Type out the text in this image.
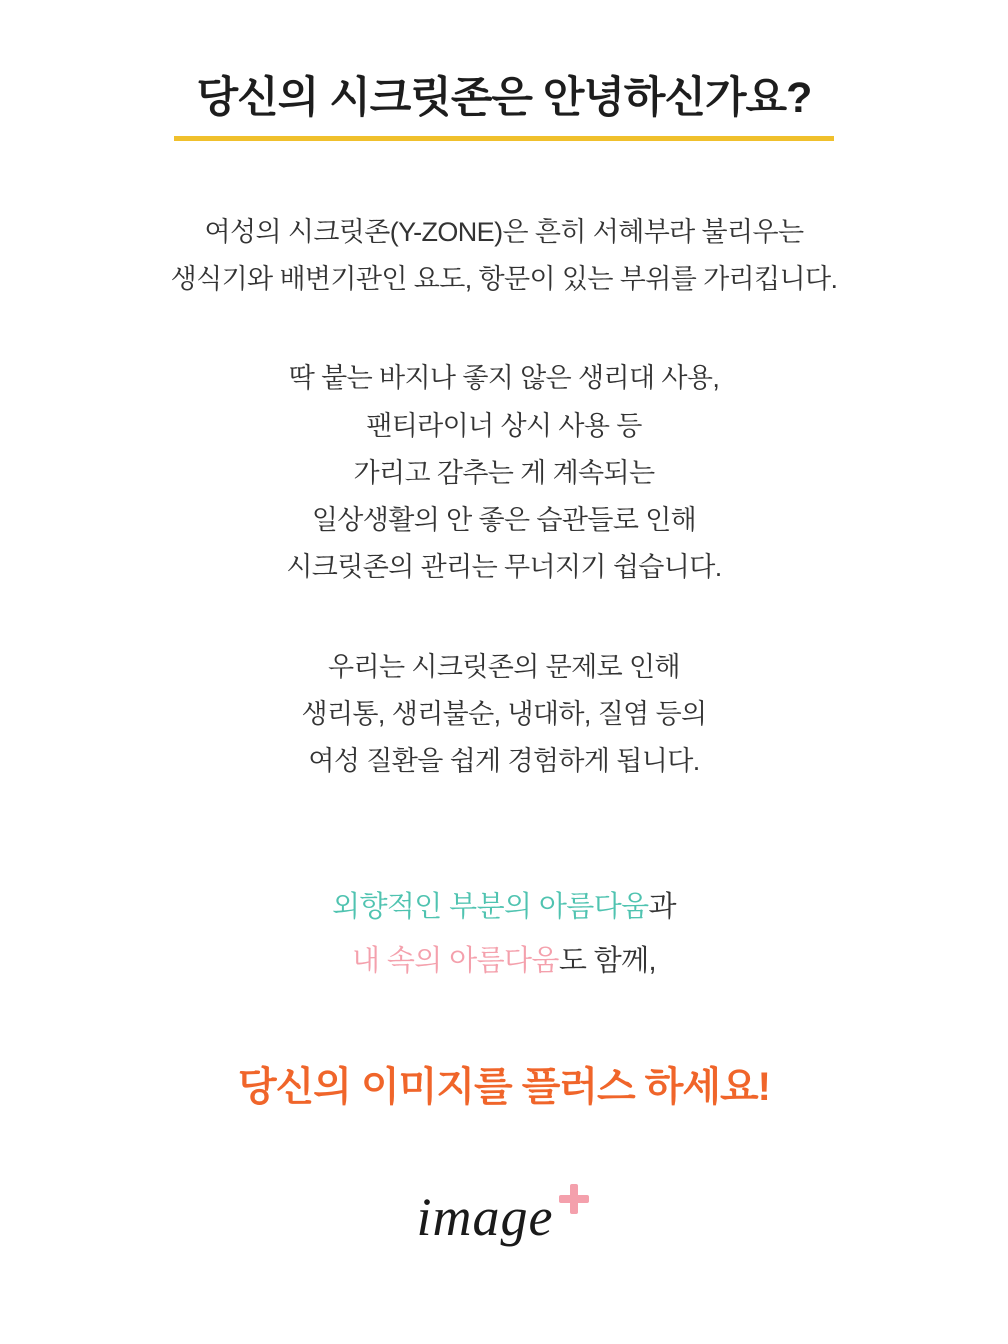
당신의 시크릿존은 안녕하신가요?
여성의 시크릿존(Y-ZONE)은 흔히 서혜부라 불리우는
생식기와 배변기관인 요도, 항문이 있는 부위를 가리킵니다.
딱 붙는 바지나 좋지 않은 생리대 사용,
팬티라이너 상시 사용 등
가리고 감추는 게 계속되는
일상생활의 안 좋은 습관들로 인해
시크릿존의 관리는 무너지기 쉽습니다.
우리는 시크릿존의 문제로 인해
생리통, 생리불순, 냉대하, 질염 등의
여성 질환을 쉽게 경험하게 됩니다.
외향적인 부분의 아름다움과
내 속의 아름다움도 함께,
당신의 이미지를 플러스 하세요!
image
